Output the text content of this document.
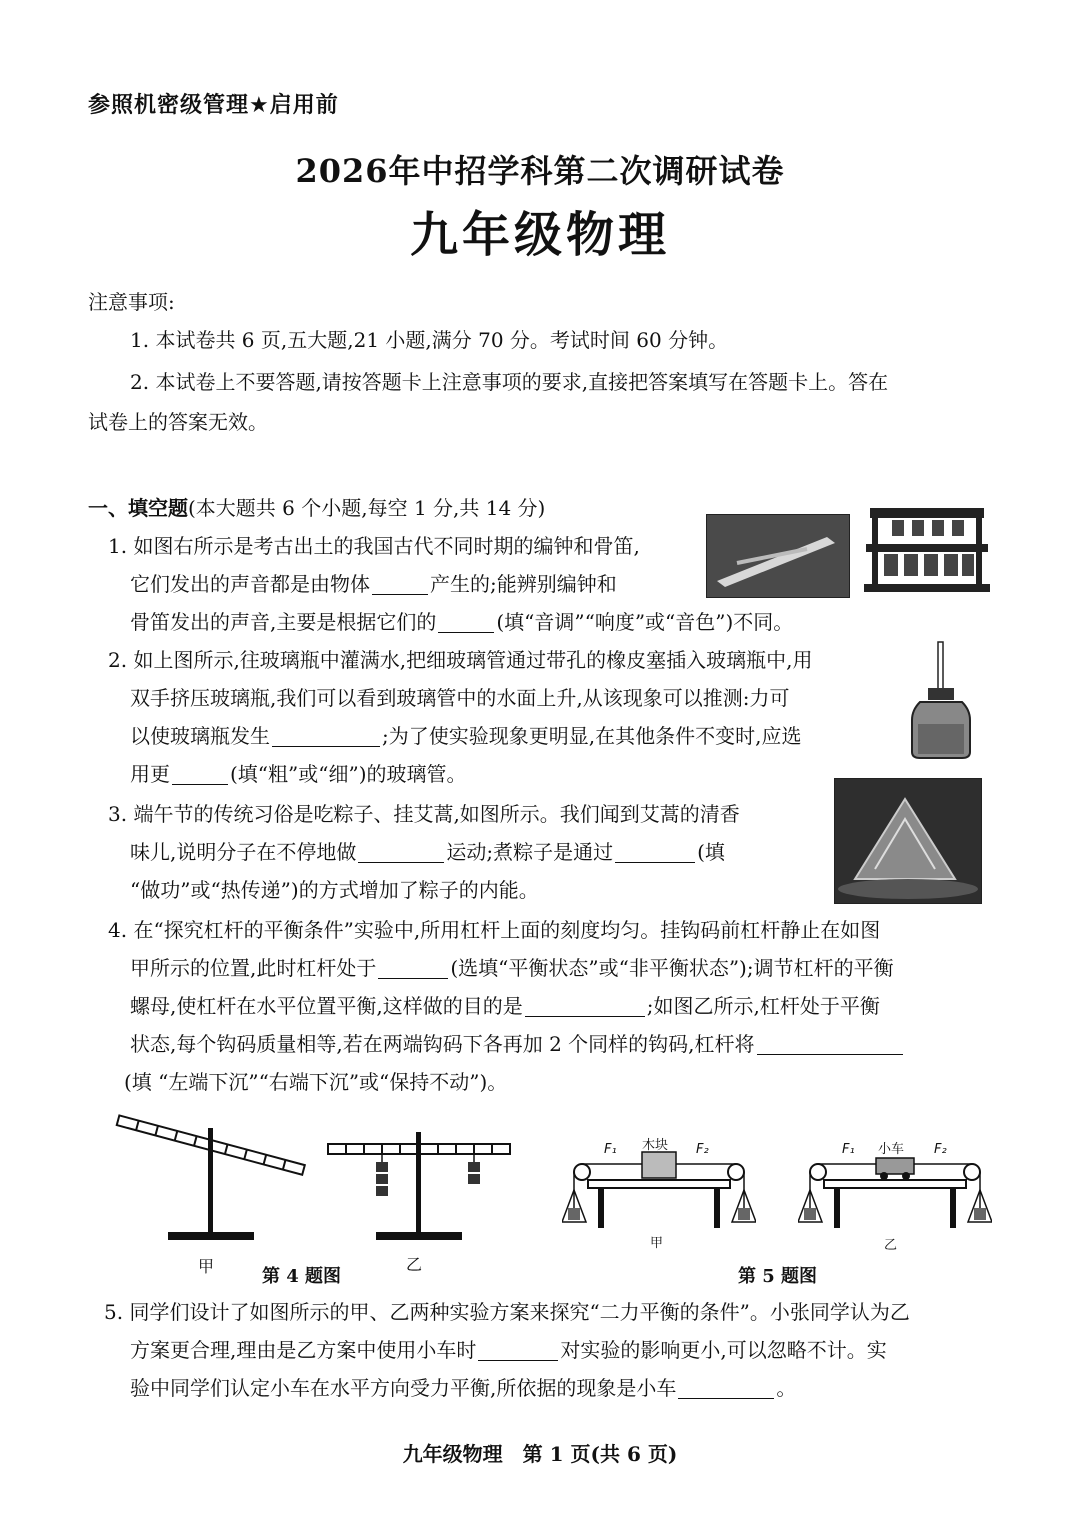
参照机密级管理★启用前
2026年中招学科第二次调研试卷
九年级物理
注意事项:
1. 本试卷共 6 页,五大题,21 小题,满分 70 分。考试时间 60 分钟。
2. 本试卷上不要答题,请按答题卡上注意事项的要求,直接把答案填写在答题卡上。答在
试卷上的答案无效。
一、填空题(本大题共 6 个小题,每空 1 分,共 14 分)
1. 如图右所示是考古出土的我国古代不同时期的编钟和骨笛,
它们发出的声音都是由物体	产生的;能辨别编钟和
骨笛发出的声音,主要是根据它们的	(填“音调”“响度”或“音色”)不同。
2. 如上图所示,往玻璃瓶中灌满水,把细玻璃管通过带孔的橡皮塞插入玻璃瓶中,用
双手挤压玻璃瓶,我们可以看到玻璃管中的水面上升,从该现象可以推测:力可
以使玻璃瓶发生	;为了使实验现象更明显,在其他条件不变时,应选
用更	(填“粗”或“细”)的玻璃管。
3. 端午节的传统习俗是吃粽子、挂艾蒿,如图所示。我们闻到艾蒿的清香
味儿,说明分子在不停地做	运动;煮粽子是通过	(填
“做功”或“热传递”)的方式增加了粽子的内能。
4. 在“探究杠杆的平衡条件”实验中,所用杠杆上面的刻度均匀。挂钩码前杠杆静止在如图
甲所示的位置,此时杠杆处于	(选填“平衡状态”或“非平衡状态”);调节杠杆的平衡
螺母,使杠杆在水平位置平衡,这样做的目的是	;如图乙所示,杠杆处于平衡
状态,每个钩码质量相等,若在两端钩码下各再加 2 个同样的钩码,杠杆将
(填 “左端下沉”“右端下沉”或“保持不动”)。
甲	乙
第 4 题图
木块
F₁	F₂
甲
小车
F₁	F₂
乙
第 5 题图
5. 同学们设计了如图所示的甲、乙两种实验方案来探究“二力平衡的条件”。小张同学认为乙
方案更合理,理由是乙方案中使用小车时	对实验的影响更小,可以忽略不计。实
验中同学们认定小车在水平方向受力平衡,所依据的现象是小车	。
九年级物理　第 1 页(共 6 页)
